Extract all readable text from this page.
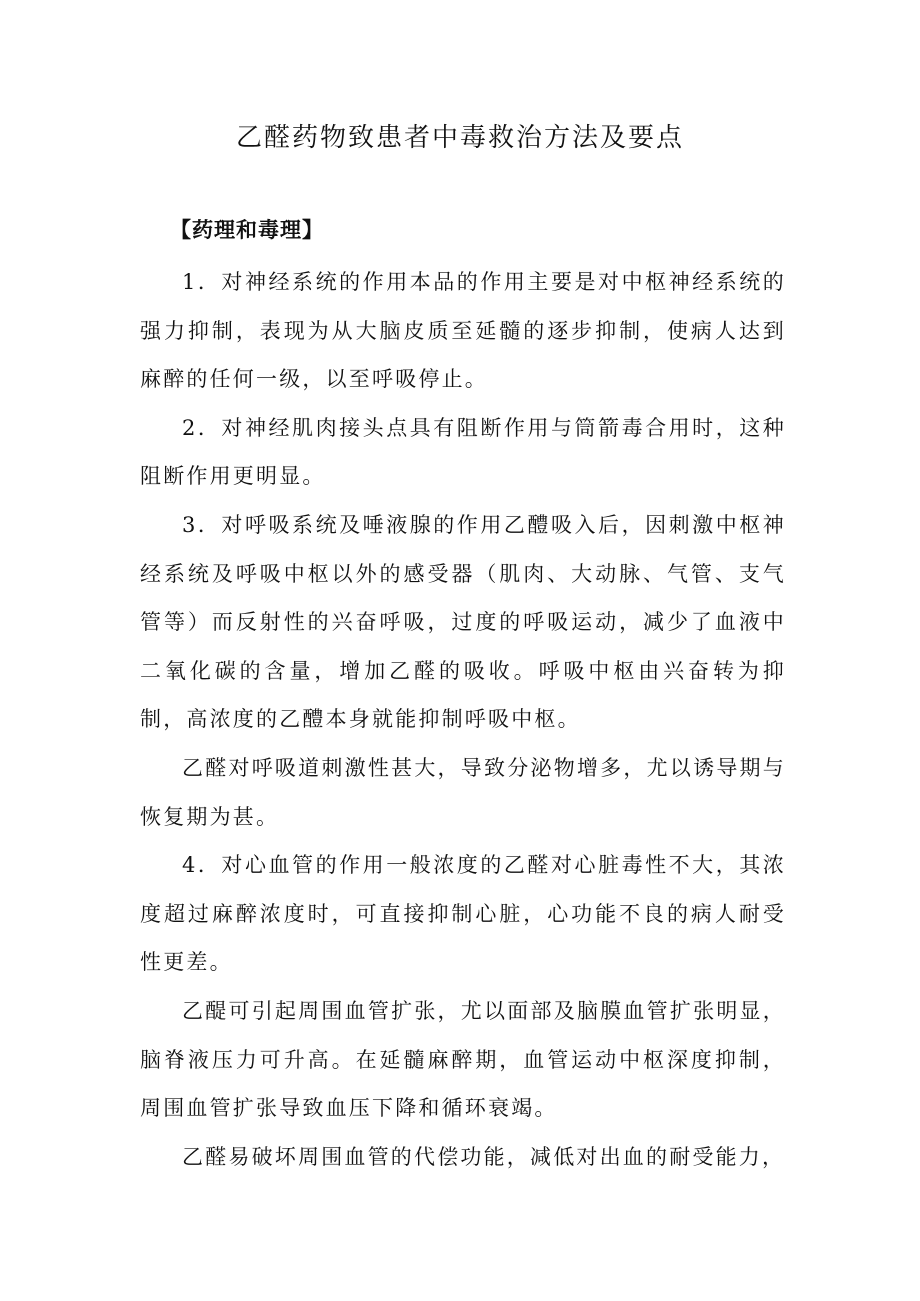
乙醛药物致患者中毒救治方法及要点
【药理和毒理】

1．对神经系统的作用本品的作用主要是对中枢神经系统的强力抑制，表现为从大脑皮质至延髓的逐步抑制，使病人达到麻醉的任何一级，以至呼吸停止。

2．对神经肌肉接头点具有阻断作用与筒箭毒合用时，这种阻断作用更明显。

3．对呼吸系统及唾液腺的作用乙醴吸入后，因刺激中枢神经系统及呼吸中枢以外的感受器（肌肉、大动脉、气管、支气管等）而反射性的兴奋呼吸，过度的呼吸运动，减少了血液中二氧化碳的含量，增加乙醛的吸收。呼吸中枢由兴奋转为抑制，高浓度的乙醴本身就能抑制呼吸中枢。

乙醛对呼吸道刺激性甚大，导致分泌物增多，尤以诱导期与恢复期为甚。

4．对心血管的作用一般浓度的乙醛对心脏毒性不大，其浓度超过麻醉浓度时，可直接抑制心脏，心功能不良的病人耐受性更差。

乙醍可引起周围血管扩张，尤以面部及脑膜血管扩张明显，脑脊液压力可升高。在延髓麻醉期，血管运动中枢深度抑制，周围血管扩张导致血压下降和循环衰竭。

乙醛易破坏周围血管的代偿功能，减低对出血的耐受能力，
